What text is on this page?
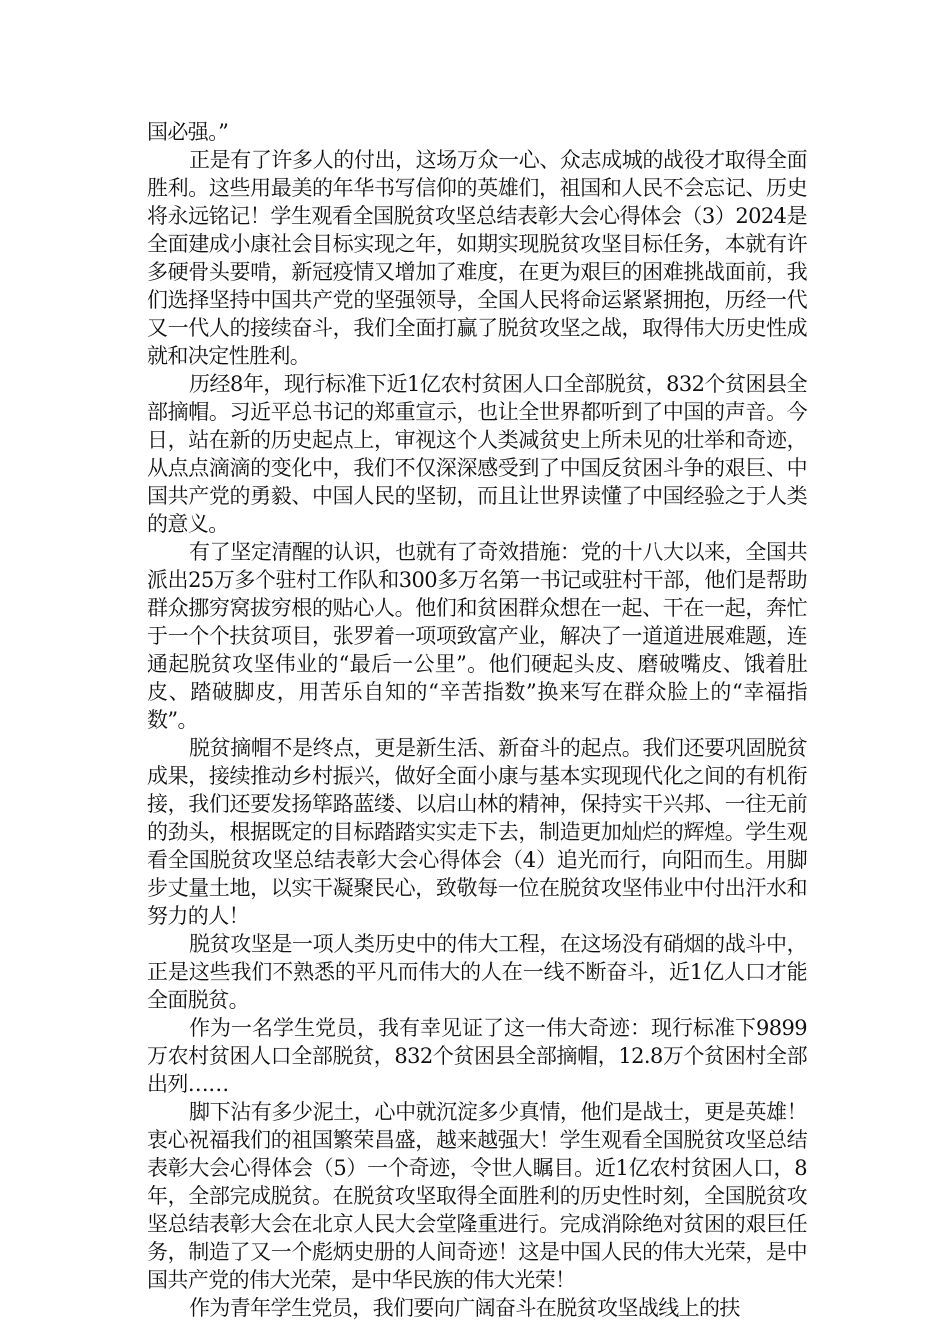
国必强。”

正是有了许多人的付出，这场万众一心、众志成城的战役才取得全面胜利。这些用最美的年华书写信仰的英雄们，祖国和人民不会忘记、历史将永远铭记！学生观看全国脱贫攻坚总结表彰大会心得体会（3）2024是全面建成小康社会目标实现之年，如期实现脱贫攻坚目标任务，本就有许多硬骨头要啃，新冠疫情又增加了难度，在更为艰巨的困难挑战面前，我们选择坚持中国共产党的坚强领导，全国人民将命运紧紧拥抱，历经一代又一代人的接续奋斗，我们全面打赢了脱贫攻坚之战，取得伟大历史性成就和决定性胜利。

历经8年，现行标准下近1亿农村贫困人口全部脱贫，832个贫困县全部摘帽。习近平总书记的郑重宣示，也让全世界都听到了中国的声音。今日，站在新的历史起点上，审视这个人类减贫史上所未见的壮举和奇迹，从点点滴滴的变化中，我们不仅深深感受到了中国反贫困斗争的艰巨、中国共产党的勇毅、中国人民的坚韧，而且让世界读懂了中国经验之于人类的意义。

有了坚定清醒的认识，也就有了奇效措施：党的十八大以来，全国共派出25万多个驻村工作队和300多万名第一书记或驻村干部，他们是帮助群众挪穷窝拔穷根的贴心人。他们和贫困群众想在一起、干在一起，奔忙于一个个扶贫项目，张罗着一项项致富产业，解决了一道道进展难题，连通起脱贫攻坚伟业的“最后一公里”。他们硬起头皮、磨破嘴皮、饿着肚皮、踏破脚皮，用苦乐自知的“辛苦指数”换来写在群众脸上的“幸福指数”。

脱贫摘帽不是终点，更是新生活、新奋斗的起点。我们还要巩固脱贫成果，接续推动乡村振兴，做好全面小康与基本实现现代化之间的有机衔接，我们还要发扬筚路蓝缕、以启山林的精神，保持实干兴邦、一往无前的劲头，根据既定的目标踏踏实实走下去，制造更加灿烂的辉煌。学生观看全国脱贫攻坚总结表彰大会心得体会（4）追光而行，向阳而生。用脚步丈量土地，以实干凝聚民心，致敬每一位在脱贫攻坚伟业中付出汗水和努力的人！

脱贫攻坚是一项人类历史中的伟大工程，在这场没有硝烟的战斗中，正是这些我们不熟悉的平凡而伟大的人在一线不断奋斗，近1亿人口才能全面脱贫。

作为一名学生党员，我有幸见证了这一伟大奇迹：现行标准下9899万农村贫困人口全部脱贫，832个贫困县全部摘帽，12.8万个贫困村全部出列……

脚下沾有多少泥土，心中就沉淀多少真情，他们是战士，更是英雄！衷心祝福我们的祖国繁荣昌盛，越来越强大！学生观看全国脱贫攻坚总结表彰大会心得体会（5）一个奇迹，令世人瞩目。近1亿农村贫困人口，8年，全部完成脱贫。在脱贫攻坚取得全面胜利的历史性时刻，全国脱贫攻坚总结表彰大会在北京人民大会堂隆重进行。完成消除绝对贫困的艰巨任务，制造了又一个彪炳史册的人间奇迹！这是中国人民的伟大光荣，是中国共产党的伟大光荣，是中华民族的伟大光荣！

作为青年学生党员，我们要向广阔奋斗在脱贫攻坚战线上的扶
